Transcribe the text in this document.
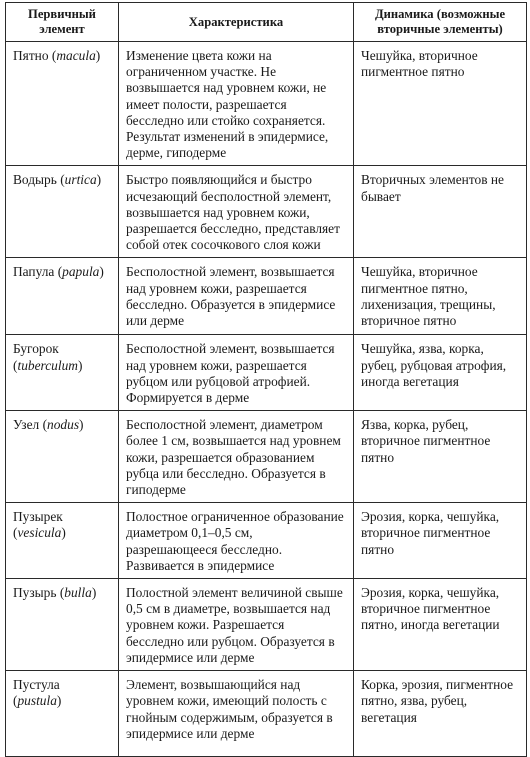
Первичный элемент	Характеристика	Динамика (возможные вторичные элементы)
Пятно (macula)	Изменение цвета кожи на ограниченном участке. Не возвышается над уровнем кожи, не имеет полости, разрешается бесследно или стойко сохраняется. Результат изменений в эпидермисе, дерме, гиподерме	Чешуйка, вторичное пигментное пятно
Водырь (urtica)	Быстро появляющийся и быстро исчезающий бесполостной элемент, возвышается над уровнем кожи, разрешается бесследно, представляет собой отек сосочкового слоя кожи	Вторичных элементов не бывает
Папула (papula)	Бесполостной элемент, возвышается над уровнем кожи, разрешается бесследно. Образуется в эпидермисе или дерме	Чешуйка, вторичное пигментное пятно, лихенизация, трещины, вторичное пятно
Бугорок (tuberculum)	Бесполостной элемент, возвышается над уровнем кожи, разрешается рубцом или рубцовой атрофией. Формируется в дерме	Чешуйка, язва, корка, рубец, рубцовая атрофия, иногда вегетация
Узел (nodus)	Бесполостной элемент, диаметром более 1 см, возвышается над уровнем кожи, разрешается образованием рубца или бесследно. Образуется в гиподерме	Язва, корка, рубец, вторичное пигментное пятно
Пузырек (vesicula)	Полостное ограниченное образование диаметром 0,1–0,5 см, разрешающееся бесследно. Развивается в эпидермисе	Эрозия, корка, чешуйка, вторичное пигментное пятно
Пузырь (bulla)	Полостной элемент величиной свыше 0,5 см в диаметре, возвышается над уровнем кожи. Разрешается бесследно или рубцом. Образуется в эпидермисе или дерме	Эрозия, корка, чешуйка, вторичное пигментное пятно, иногда вегетации
Пустула (pustula)	Элемент, возвышающийся над уровнем кожи, имеющий полость с гнойным содержимым, образуется в эпидермисе или дерме	Корка, эрозия, пигментное пятно, язва, рубец, вегетация
